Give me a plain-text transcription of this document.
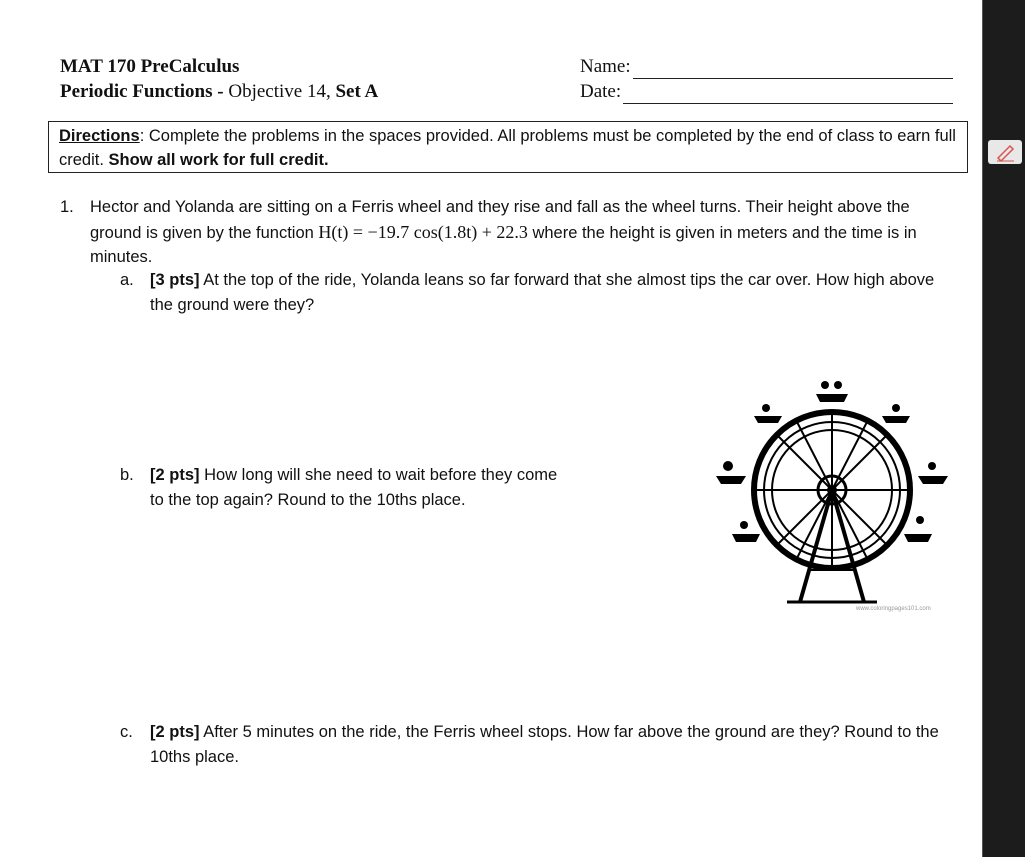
MAT 170 PreCalculus
Periodic Functions - Objective 14, Set A
Name:
Date:
Directions: Complete the problems in the spaces provided. All problems must be completed by the end of class to earn full credit. Show all work for full credit.
1. Hector and Yolanda are sitting on a Ferris wheel and they rise and fall as the wheel turns. Their height above the ground is given by the function H(t) = −19.7 cos(1.8t) + 22.3 where the height is given in meters and the time is in minutes.
a. [3 pts] At the top of the ride, Yolanda leans so far forward that she almost tips the car over. How high above the ground were they?
b. [2 pts] How long will she need to wait before they come to the top again? Round to the 10ths place.
c. [2 pts] After 5 minutes on the ride, the Ferris wheel stops. How far above the ground are they? Round to the 10ths place.
www.coloringpages101.com
